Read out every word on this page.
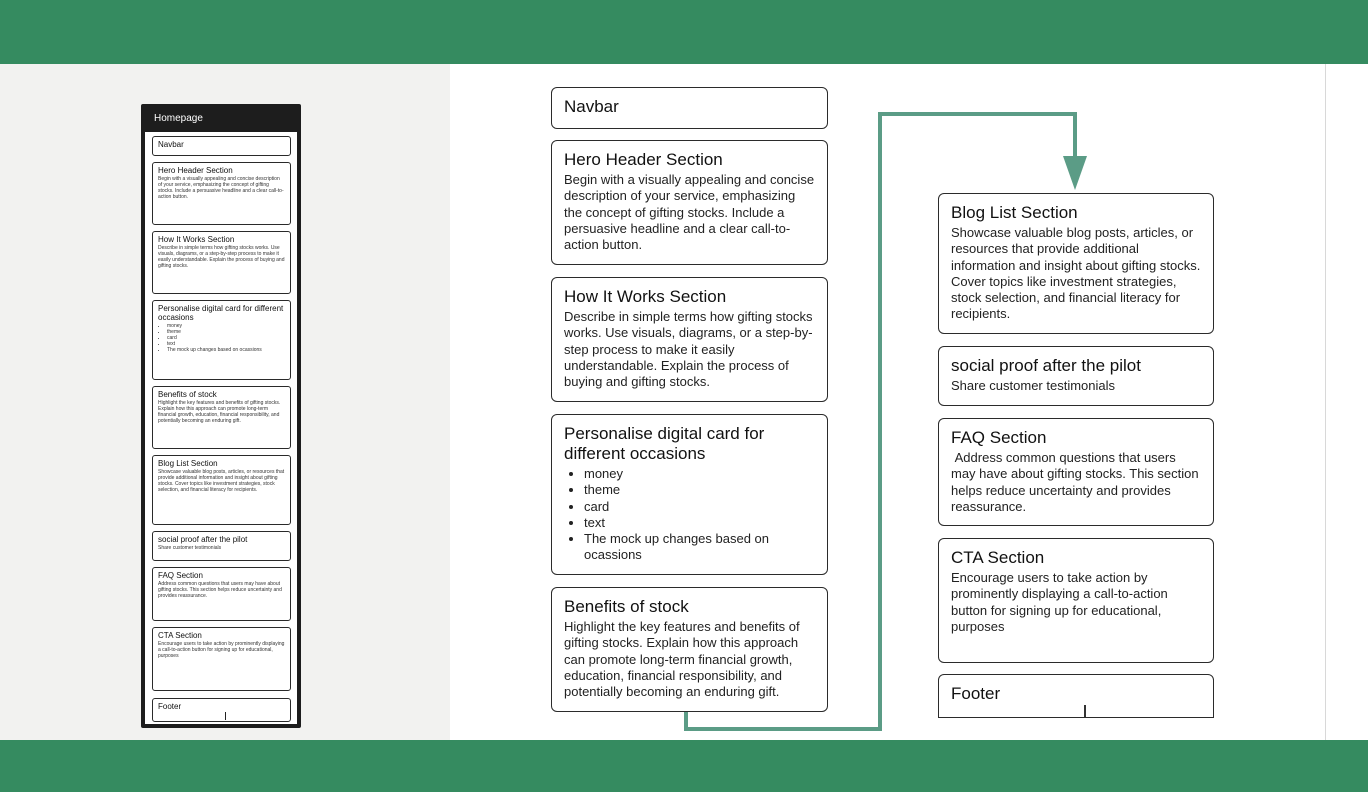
Homepage
Navbar
Hero Header Section
Begin with a visually appealing and concise description of your service, emphasizing the concept of gifting stocks. Include a persuasive headline and a clear call-to-action button.
How It Works Section
Describe in simple terms how gifting stocks works. Use visuals, diagrams, or a step-by-step process to make it easily understandable. Explain the process of buying and gifting stocks.
Personalise digital card for different occasions
• money
• theme
• card
• text
• The mock up changes based on ocassions
Benefits of stock
Highlight the key features and benefits of gifting stocks. Explain how this approach can promote long-term financial growth, education, financial responsibility, and potentially becoming an enduring gift.
Blog List Section
Showcase valuable blog posts, articles, or resources that provide additional information and insight about gifting stocks. Cover topics like investment strategies, stock selection, and financial literacy for recipients.
social proof after the pilot
Share customer testimonials
FAQ Section
Address common questions that users may have about gifting stocks. This section helps reduce uncertainty and provides reassurance.
CTA Section
Encourage users to take action by prominently displaying a call-to-action button for signing up for educational, purposes
Footer
Navbar
Hero Header Section
Begin with a visually appealing and concise description of your service, emphasizing the concept of gifting stocks. Include a persuasive headline and a clear call-to-action button.
How It Works Section
Describe in simple terms how gifting stocks works. Use visuals, diagrams, or a step-by-step process to make it easily understandable. Explain the process of buying and gifting stocks.
Personalise digital card for different occasions
• money
• theme
• card
• text
• The mock up changes based on ocassions
Benefits of stock
Highlight the key features and benefits of gifting stocks. Explain how this approach can promote long-term financial growth, education, financial responsibility, and potentially becoming an enduring gift.
Blog List Section
Showcase valuable blog posts, articles, or resources that provide additional information and insight about gifting stocks. Cover topics like investment strategies, stock selection, and financial literacy for recipients.
social proof after the pilot
Share customer testimonials
FAQ Section
Address common questions that users may have about gifting stocks. This section helps reduce uncertainty and provides reassurance.
CTA Section
Encourage users to take action by prominently displaying a call-to-action button for signing up for educational, purposes
Footer
